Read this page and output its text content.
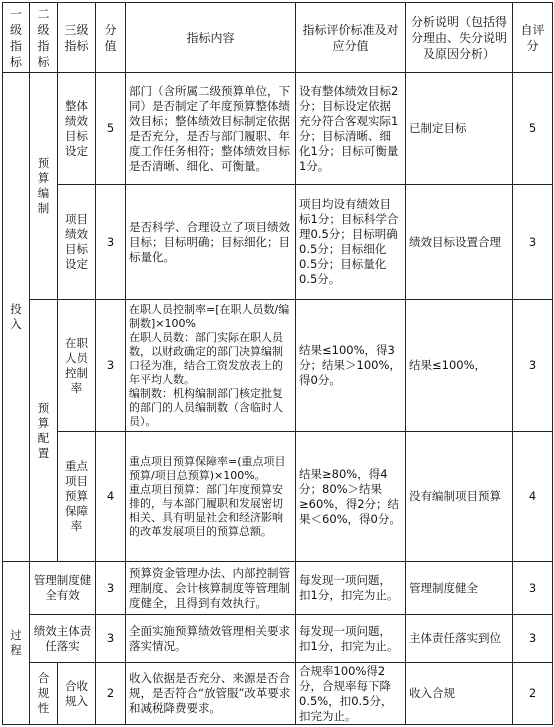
一级指标	二级指标	三级指标	分值	指标内容	指标评价标准及对应分值	分析说明（包括得分理由、失分说明及原因分析）	自评分
投入	预算编制	整体绩效目标设定	5	部门（含所属二级预算单位，下同）是否制定了年度预算整体绩效目标；整体绩效目标制定依据是否充分，是否与部门履职、年度工作任务相符；整体绩效目标是否清晰、细化、可衡量。	设有整体绩效目标2分；目标设定依据充分符合客观实际1分；目标清晰、细化1分；目标可衡量1分。	已制定目标	5
		项目绩效目标设定	3	是否科学、合理设立了项目绩效目标；目标明确；目标细化；目标量化。	项目均设有绩效目标1分；目标科学合理0.5分；目标明确0.5分；目标细化0.5分；目标量化0.5分。	绩效目标设置合理	3
	预算配置	在职人员控制率	3	在职人员控制率=[在职人员数/编制数]×100%
在职人员数：部门实际在职人员数，以财政确定的部门决算编制口径为准，结合工资发放表上的年平均人数。
编制数：机构编制部门核定批复的部门的人员编制数（含临时人员）。	结果≤100%，得3分；结果＞100%，得0分。	结果≤100%，	3
		重点项目预算保障率	4	重点项目预算保障率=(重点项目预算/项目总预算)×100%。
重点项目预算：部门年度预算安排的，与本部门履职和发展密切相关、具有明显社会和经济影响的改革发展项目的预算总额。	结果≥80%，得4分；80%＞结果≥60%，得2分；结果＜60%，得0分。	没有编制项目预算	4
过程	管理制度健全有效		3	预算资金管理办法、内部控制管理制度、会计核算制度等管理制度健全，且得到有效执行。	每发现一项问题，扣1分，扣完为止。	管理制度健全	3
	绩效主体责任落实		3	全面实施预算绩效管理相关要求落实情况。	每发现一项问题，扣1分，扣完为止。	主体责任落实到位	3
	合规性	合收规入	2	收入依据是否充分、来源是否合规，是否符合“放管服”改革要求和减税降费要求。	合规率100%得2分，合规率每下降0.5%，扣0.5分，扣完为止。	收入合规	2
